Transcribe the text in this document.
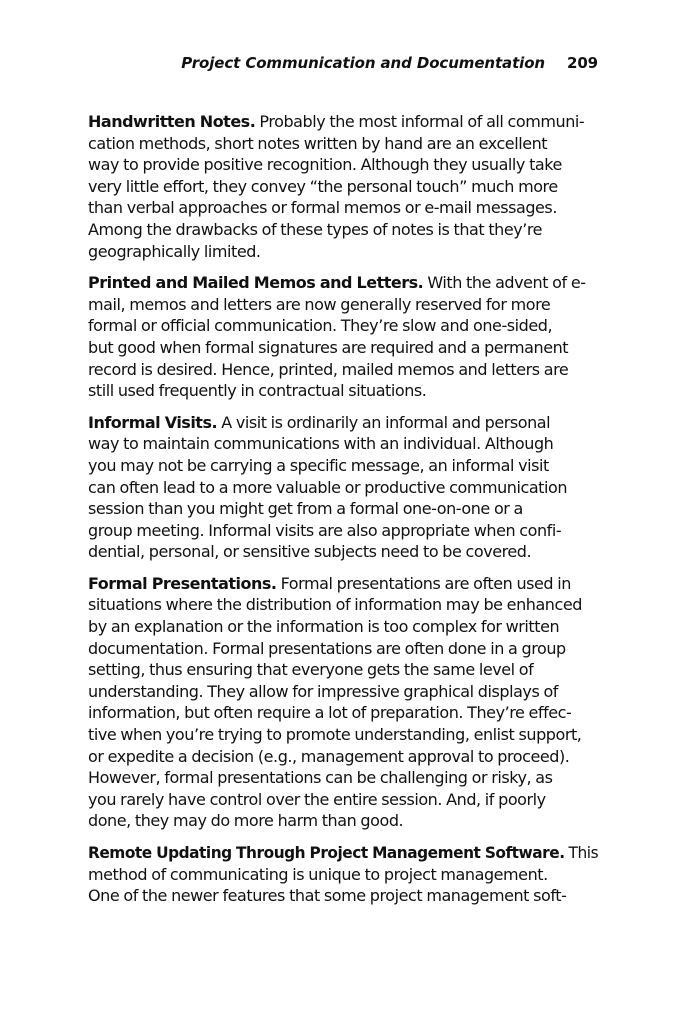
Project Communication and Documentation 209

Handwritten Notes. Probably the most informal of all communi-
cation methods, short notes written by hand are an excellent
way to provide positive recognition. Although they usually take
very little effort, they convey “the personal touch” much more
than verbal approaches or formal memos or e-mail messages.
Among the drawbacks of these types of notes is that they’re
geographically limited.

Printed and Mailed Memos and Letters. With the advent of e-
mail, memos and letters are now generally reserved for more
formal or official communication. They’re slow and one-sided,
but good when formal signatures are required and a permanent
record is desired. Hence, printed, mailed memos and letters are
still used frequently in contractual situations.

Informal Visits. A visit is ordinarily an informal and personal
way to maintain communications with an individual. Although
you may not be carrying a specific message, an informal visit
can often lead to a more valuable or productive communication
session than you might get from a formal one-on-one or a
group meeting. Informal visits are also appropriate when confi-
dential, personal, or sensitive subjects need to be covered.

Formal Presentations. Formal presentations are often used in
situations where the distribution of information may be enhanced
by an explanation or the information is too complex for written
documentation. Formal presentations are often done in a group
setting, thus ensuring that everyone gets the same level of
understanding. They allow for impressive graphical displays of
information, but often require a lot of preparation. They’re effec-
tive when you’re trying to promote understanding, enlist support,
or expedite a decision (e.g., management approval to proceed).
However, formal presentations can be challenging or risky, as
you rarely have control over the entire session. And, if poorly
done, they may do more harm than good.

Remote Updating Through Project Management Software. This
method of communicating is unique to project management.
One of the newer features that some project management soft-
